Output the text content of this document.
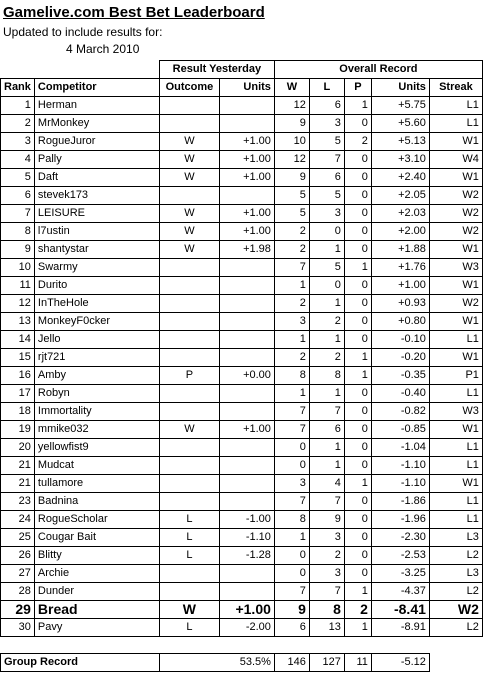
Gamelive.com Best Bet Leaderboard
Updated to include results for:
4 March 2010
		Result Yesterday		Overall Record				
Rank	Competitor	Outcome	Units	W	L	P	Units	Streak
1	Herman			12	6	1	+5.75	L1
2	MrMonkey			9	3	0	+5.60	L1
3	RogueJuror	W	+1.00	10	5	2	+5.13	W1
4	Pally	W	+1.00	12	7	0	+3.10	W4
5	Daft	W	+1.00	9	6	0	+2.40	W1
6	stevek173			5	5	0	+2.05	W2
7	LEISURE	W	+1.00	5	3	0	+2.03	W2
8	l7ustin	W	+1.00	2	0	0	+2.00	W2
9	shantystar	W	+1.98	2	1	0	+1.88	W1
10	Swarmy			7	5	1	+1.76	W3
11	Durito			1	0	0	+1.00	W1
12	InTheHole			2	1	0	+0.93	W2
13	MonkeyF0cker			3	2	0	+0.80	W1
14	Jello			1	1	0	-0.10	L1
15	rjt721			2	2	1	-0.20	W1
16	Amby	P	+0.00	8	8	1	-0.35	P1
17	Robyn			1	1	0	-0.40	L1
18	Immortality			7	7	0	-0.82	W3
19	mmike032	W	+1.00	7	6	0	-0.85	W1
20	yellowfist9			0	1	0	-1.04	L1
21	Mudcat			0	1	0	-1.10	L1
21	tullamore			3	4	1	-1.10	W1
23	Badnina			7	7	0	-1.86	L1
24	RogueScholar	L	-1.00	8	9	0	-1.96	L1
25	Cougar Bait	L	-1.10	1	3	0	-2.30	L3
26	Blitty	L	-1.28	0	2	0	-2.53	L2
27	Archie			0	3	0	-3.25	L3
28	Dunder			7	7	1	-4.37	L2
29	Bread	W	+1.00	9	8	2	-8.41	W2
30	Pavy	L	-2.00	6	13	1	-8.91	L2

Group Record		53.5%		146	127	11	-5.12	
